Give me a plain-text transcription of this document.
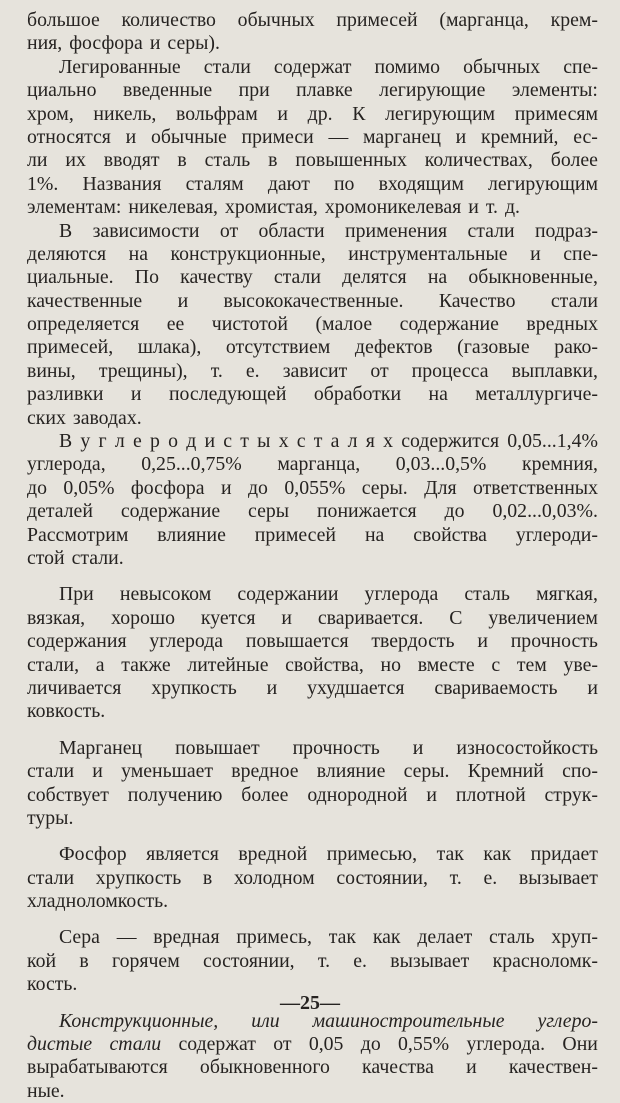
большое количество обычных примесей (марганца, крем-
ния, фосфора и серы).
Легированные стали содержат помимо обычных спе-
циально введенные при плавке легирующие элементы:
хром, никель, вольфрам и др. К легирующим примесям
относятся и обычные примеси — марганец и кремний, ес-
ли их вводят в сталь в повышенных количествах, более
1%. Названия сталям дают по входящим легирующим
элементам: никелевая, хромистая, хромоникелевая и т. д.
В зависимости от области применения стали подраз-
деляются на конструкционные, инструментальные и спе-
циальные. По качеству стали делятся на обыкновенные,
качественные и высококачественные. Качество стали
определяется ее чистотой (малое содержание вредных
примесей, шлака), отсутствием дефектов (газовые рако-
вины, трещины), т. е. зависит от процесса выплавки,
разливки и последующей обработки на металлургиче-
ских заводах.
В у г л е р о д и с т ы х с т а л я х содержится 0,05...1,4%
углерода, 0,25...0,75% марганца, 0,03...0,5% кремния,
до 0,05% фосфора и до 0,055% серы. Для ответственных
деталей содержание серы понижается до 0,02...0,03%.
Рассмотрим влияние примесей на свойства углероди-
стой стали.
При невысоком содержании углерода сталь мягкая,
вязкая, хорошо куется и сваривается. С увеличением
содержания углерода повышается твердость и прочность
стали, а также литейные свойства, но вместе с тем уве-
личивается хрупкость и ухудшается свариваемость и
ковкость.
Марганец повышает прочность и износостойкость
стали и уменьшает вредное влияние серы. Кремний спо-
собствует получению более однородной и плотной струк-
туры.
Фосфор является вредной примесью, так как придает
стали хрупкость в холодном состоянии, т. е. вызывает
хладноломкость.
Сера — вредная примесь, так как делает сталь хруп-
кой в горячем состоянии, т. е. вызывает красноломк-
кость.
Конструкционные, или машиностроительные углеро-
дистые стали содержат от 0,05 до 0,55% углерода. Они
вырабатываются обыкновенного качества и качествен-
ные.
—25—
